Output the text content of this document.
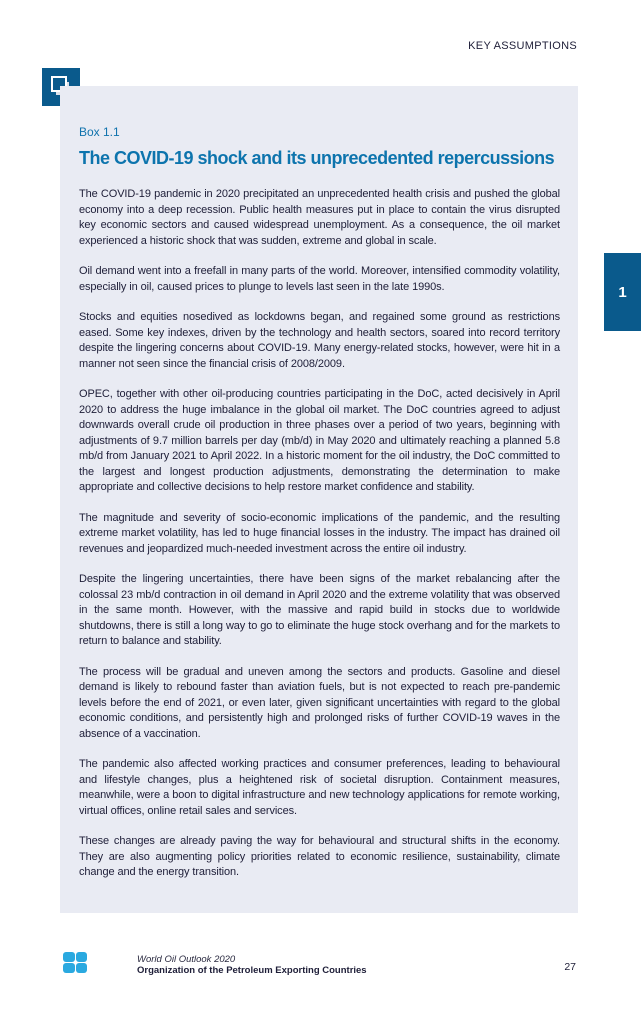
KEY ASSUMPTIONS
1
Box 1.1
The COVID-19 shock and its unprecedented repercussions

The COVID-19 pandemic in 2020 precipitated an unprecedented health crisis and pushed the global economy into a deep recession. Public health measures put in place to contain the virus disrupted key economic sectors and caused widespread unemployment. As a consequence, the oil market experienced a historic shock that was sudden, extreme and global in scale.

Oil demand went into a freefall in many parts of the world. Moreover, intensified commodity volatility, especially in oil, caused prices to plunge to levels last seen in the late 1990s.

Stocks and equities nosedived as lockdowns began, and regained some ground as restrictions eased. Some key indexes, driven by the technology and health sectors, soared into record territory despite the lingering concerns about COVID-19. Many energy-related stocks, however, were hit in a manner not seen since the financial crisis of 2008/2009.

OPEC, together with other oil-producing countries participating in the DoC, acted decisively in April 2020 to address the huge imbalance in the global oil market. The DoC countries agreed to adjust downwards overall crude oil production in three phases over a period of two years, beginning with adjustments of 9.7 million barrels per day (mb/d) in May 2020 and ultimately reaching a planned 5.8 mb/d from January 2021 to April 2022. In a historic moment for the oil industry, the DoC committed to the largest and longest production adjustments, demonstrating the determination to make appropriate and collective decisions to help restore market confidence and stability.

The magnitude and severity of socio-economic implications of the pandemic, and the resulting extreme market volatility, has led to huge financial losses in the industry. The impact has drained oil revenues and jeopardized much-needed investment across the entire oil industry.

Despite the lingering uncertainties, there have been signs of the market rebalancing after the colossal 23 mb/d contraction in oil demand in April 2020 and the extreme volatility that was observed in the same month. However, with the massive and rapid build in stocks due to worldwide shutdowns, there is still a long way to go to eliminate the huge stock overhang and for the markets to return to balance and stability.

The process will be gradual and uneven among the sectors and products. Gasoline and diesel demand is likely to rebound faster than aviation fuels, but is not expected to reach pre-pandemic levels before the end of 2021, or even later, given significant uncertainties with regard to the global economic conditions, and persistently high and prolonged risks of further COVID-19 waves in the absence of a vaccination.

The pandemic also affected working practices and consumer preferences, leading to behavioural and lifestyle changes, plus a heightened risk of societal disruption. Containment measures, meanwhile, were a boon to digital infrastructure and new technology applications for remote working, virtual offices, online retail sales and services.

These changes are already paving the way for behavioural and structural shifts in the economy. They are also augmenting policy priorities related to economic resilience, sustainability, climate change and the energy transition.

World Oil Outlook 2020
Organization of the Petroleum Exporting Countries	27
